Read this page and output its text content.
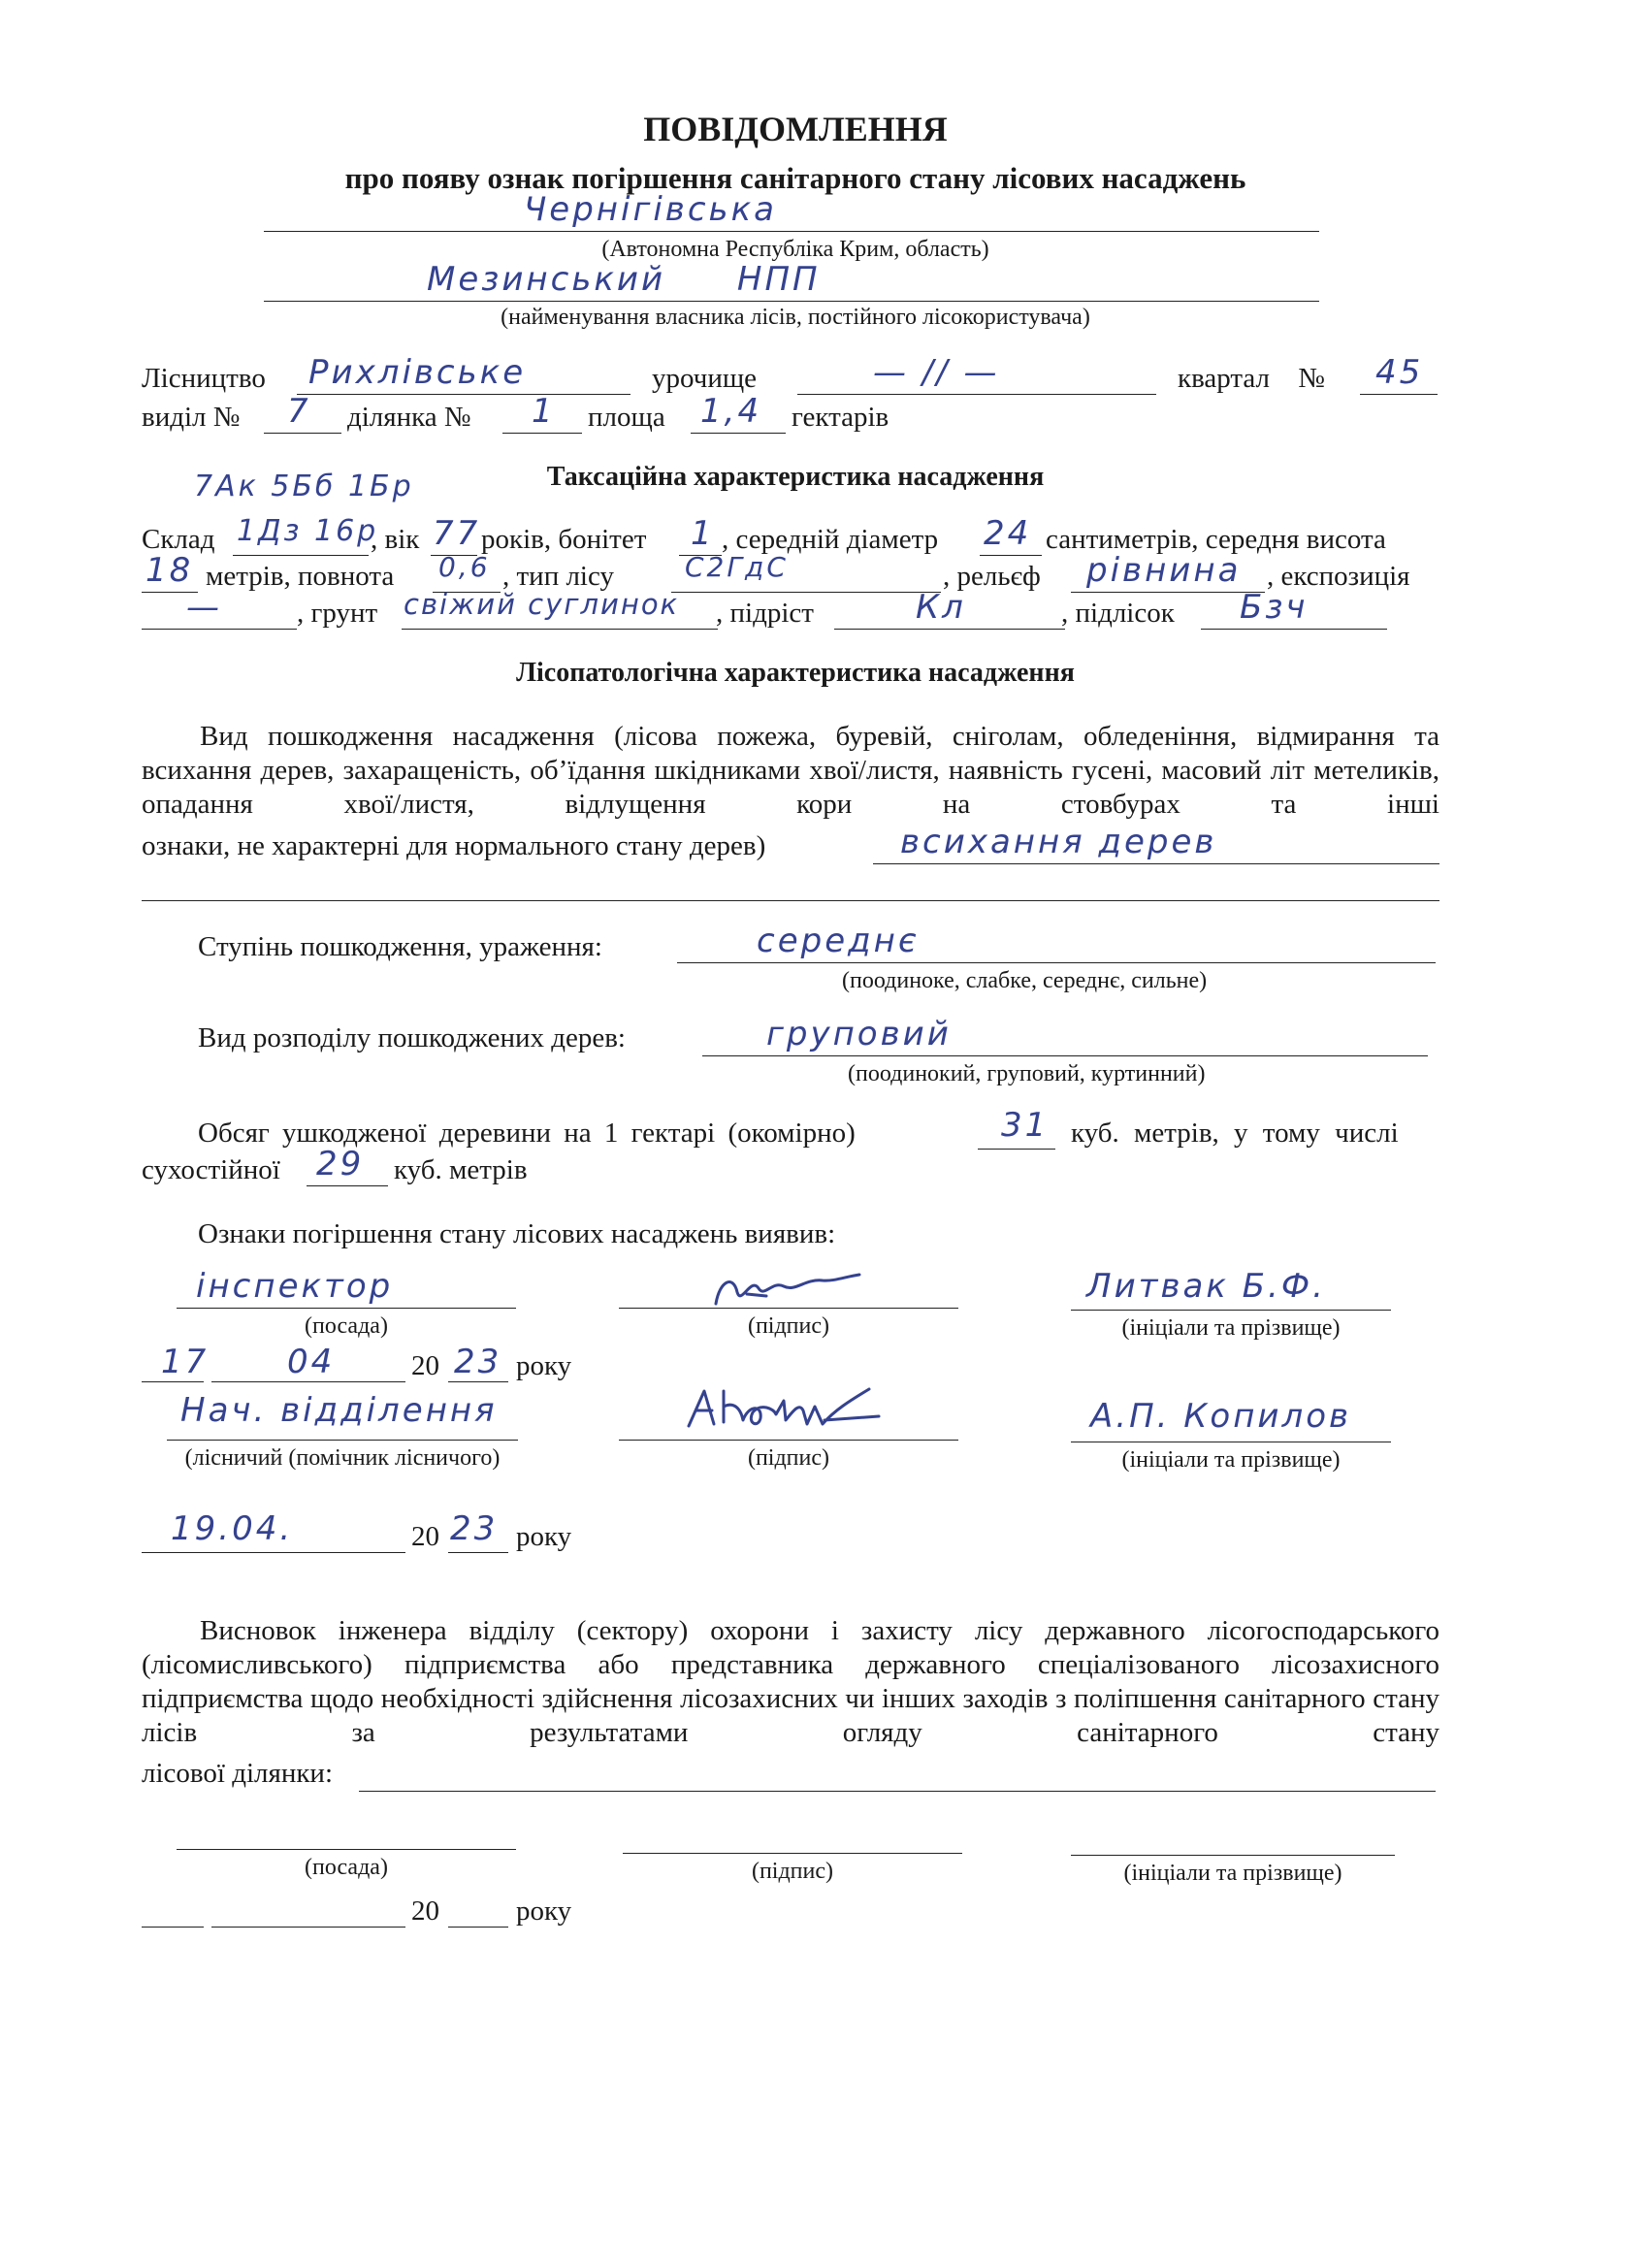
ПОВІДОМЛЕННЯ
про появу ознак погіршення санітарного стану лісових насаджень
Чернігівська
(Автономна Республіка Крим, область)
Мезинський НПП
(найменування власника лісів, постійного лісокористувача)
Лісництво Рихлівське	урочище	— // —	квартал № 45
виділ № 7 ділянка № 1 площа 1,4 гектарів
7Ак 5Бб 1Бр	Таксаційна характеристика насадження
Склад 1Дз 16р
, вік 77 років, бонітет 1 , середній діаметр 24 сантиметрів, середня висота
18 метрів, повнота 0,6 , тип лісу	С2ГдС	, рельєф рівнина , експозиція
—	, грунт свіжий суглинок , підріст	Кл	, підлісок Бзч
Лісопатологічна характеристика насадження
Вид пошкодження насадження (лісова пожежа, буревій, сніголам, обледеніння, відмирання та всихання дерев, захаращеність, об’їдання шкідниками хвої/листя, наявність гусені, масовий літ метеликів, опадання хвої/листя, відлущення кори на стовбурах та інші
ознаки, не характерні для нормального стану дерев)	всихання дерев
Ступінь пошкодження, ураження:	середнє
(поодиноке, слабке, середнє, сильне)
Вид розподілу пошкоджених дерев:	груповий
(поодинокий, груповий, куртинний)
Обсяг ушкодженої деревини на 1 гектарі (окомірно)	31 куб. метрів, у тому числі
сухостійної 29 куб. метрів
Ознаки погіршення стану лісових насаджень виявив:
інспектор
(посада)	(підпис)
Литвак Б.Ф.
(ініціали та прізвище)
17 04	20 23 року
Нач. відділення
(лісничий (помічник лісничого)	(підпис)
А.П. Копилов
(ініціали та прізвище)
19.04.	20 23 року
Висновок інженера відділу (сектору) охорони і захисту лісу державного лісогосподарського (лісомисливського) підприємства або представника державного спеціалізованого лісозахисного підприємства щодо необхідності здійснення лісозахисних чи інших заходів з поліпшення санітарного стану лісів за результатами огляду санітарного стану
лісової ділянки:
(посада)	(підпис)	(ініціали та прізвище)
20	року
